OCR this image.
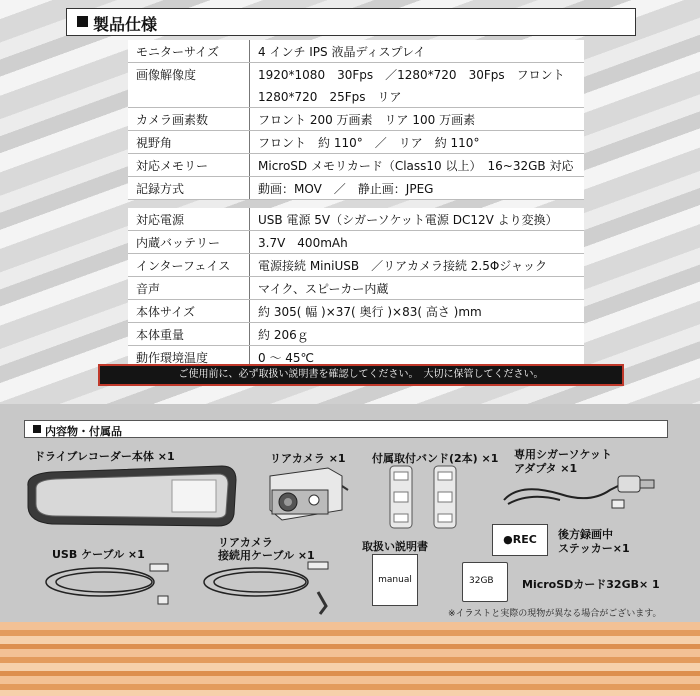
製品仕様
モニターサイズ	4 インチ IPS 液晶ディスプレイ
画像解像度	1920*1080　30Fps　／1280*720　30Fps　フロント
	1280*720　25Fps　リア
カメラ画素数	フロント 200 万画素　リア 100 万画素
視野角	フロント　約 110°　／　リア　約 110°
対応メモリー	MicroSD メモリカード（Class10 以上）　16~32GB 対応
記録方式	動画：MOV　／　静止画：JPEG

対応電源	USB 電源 5V（シガーソケット電源 DC12V より変換）
内蔵バッテリー	3.7V　400mAh
インターフェイス	電源接続 MiniUSB　／リアカメラ接続 2.5Φジャック
音声	マイク、スピーカー内蔵
本体サイズ	約 305( 幅 )×37( 奥行 )×83( 高さ )mm
本体重量	約 206ｇ
動作環境温度	0 ～ 45℃
ご使用前に、必ず取扱い説明書を確認してください。　大切に保管してください。
内容物・付属品
ドライブレコーダー本体 ×1	リアカメラ ×1 付属取付バンド(2本) ×1 専用シガーソケット
アダプタ ×1
USB ケーブル ×1
リアカメラ
接続用ケーブル ×1
取扱い説明書
後方録画中
ステッカー×1
MicroSDカード32GB× 1
manual
●REC
32GB
※イラストと実際の現物が異なる場合がございます。
